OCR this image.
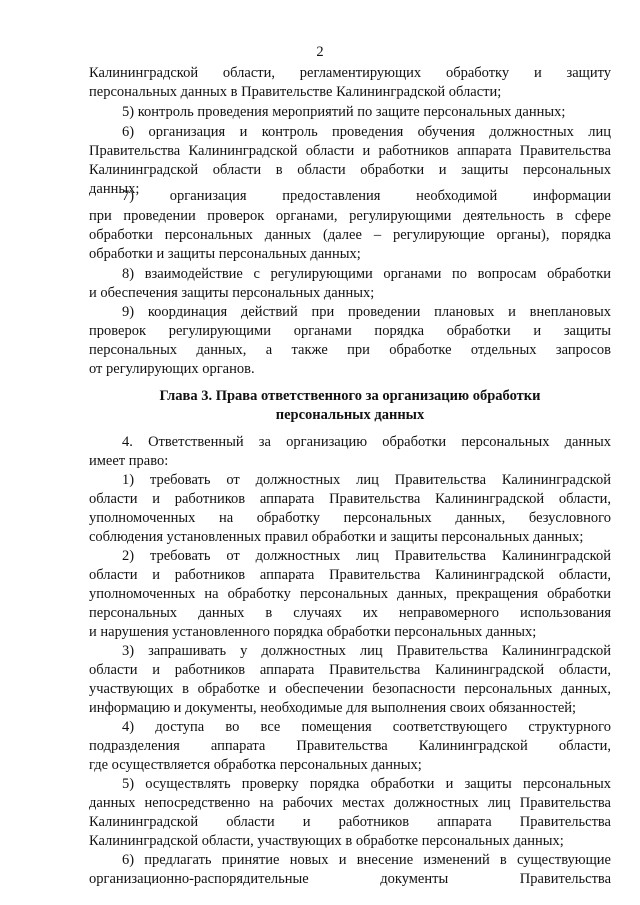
2
Калининградской области, регламентирующих обработку и защиту
персональных данных в Правительстве Калининградской области;
5) контроль проведения мероприятий по защите персональных данных;
6) организация и контроль проведения обучения должностных лиц
Правительства Калининградской области и работников аппарата Правительства
Калининградской области в области обработки и защиты персональных
данных;
7) организация предоставления необходимой информации
при проведении проверок органами, регулирующими деятельность в сфере
обработки персональных данных (далее – регулирующие органы), порядка
обработки и защиты персональных данных;
8) взаимодействие с регулирующими органами по вопросам обработки
и обеспечения защиты персональных данных;
9) координация действий при проведении плановых и внеплановых
проверок регулирующими органами порядка обработки и защиты
персональных данных, а также при обработке отдельных запросов
от регулирующих органов.
Глава 3. Права ответственного за организацию обработки
персональных данных
4. Ответственный за организацию обработки персональных данных
имеет право:
1) требовать от должностных лиц Правительства Калининградской
области и работников аппарата Правительства Калининградской области,
уполномоченных на обработку персональных данных, безусловного
соблюдения установленных правил обработки и защиты персональных данных;
2) требовать от должностных лиц Правительства Калининградской
области и работников аппарата Правительства Калининградской области,
уполномоченных на обработку персональных данных, прекращения обработки
персональных данных в случаях их неправомерного использования
и нарушения установленного порядка обработки персональных данных;
3) запрашивать у должностных лиц Правительства Калининградской
области и работников аппарата Правительства Калининградской области,
участвующих в обработке и обеспечении безопасности персональных данных,
информацию и документы, необходимые для выполнения своих обязанностей;
4) доступа во все помещения соответствующего структурного
подразделения аппарата Правительства Калининградской области,
где осуществляется обработка персональных данных;
5) осуществлять проверку порядка обработки и защиты персональных
данных непосредственно на рабочих местах должностных лиц Правительства
Калининградской области и работников аппарата Правительства
Калининградской области, участвующих в обработке персональных данных;
6) предлагать принятие новых и внесение изменений в существующие
организационно-распорядительные документы Правительства
